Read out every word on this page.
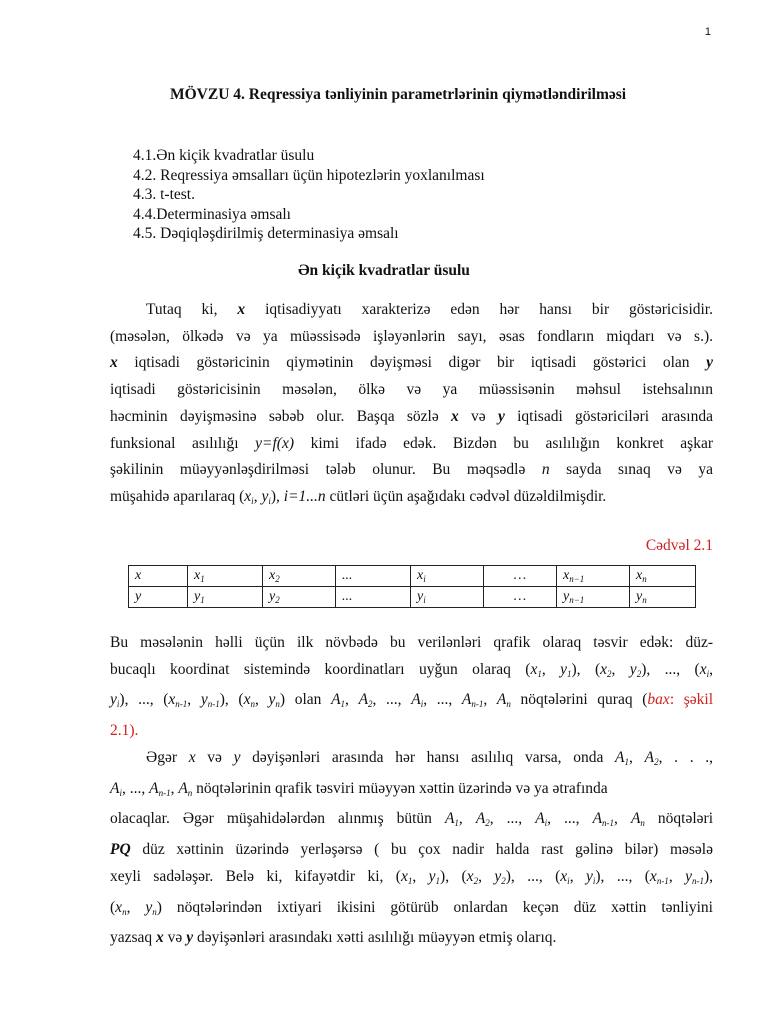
1
MÖVZU 4. Reqressiya tənliyinin parametrlərinin qiymətləndirilməsi
4.1.Ən kiçik kvadratlar üsulu
4.2. Reqressiya əmsalları üçün hipotezlərin yoxlanılması
4.3. t-test.
4.4.Determinasiya əmsalı
4.5. Dəqiqləşdirilmiş determinasiya əmsalı
Ən kiçik kvadratlar üsulu
Tutaq ki, x iqtisadiyyatı xarakterizə edən hər hansı bir göstəricisidir.
(məsələn, ölkədə və ya müəssisədə işləyənlərin sayı, əsas fondların miqdarı və s.).
x iqtisadi göstəricinin qiymətinin dəyişməsi digər bir iqtisadi göstərici olan y
iqtisadi göstəricisinin məsələn, ölkə və ya müəssisənin məhsul istehsalının
həcminin dəyişməsinə səbəb olur. Başqa sözlə x və y iqtisadi göstəriciləri arasında
funksional asılılığı y=f(x) kimi ifadə edək. Bizdən bu asılılığın konkret aşkar
şəkilinin müəyyənləşdirilməsi tələb olunur. Bu məqsədlə n sayda sınaq və ya
müşahidə aparılaraq ($x_i$, $y_i$), i=1...n cütləri üçün aşağıdakı cədvəl düzəldilmişdir.
Cədvəl 2.1
x	$x_1$	$x_2$	...	$x_i$	…	$x_{n-1}$	$x_n$
y	$y_1$	$y_2$	...	$y_i$	…	$y_{n-1}$	$y_n$
Bu məsələnin həlli üçün ilk növbədə bu verilənləri qrafik olaraq təsvir edək: düz-
bucaqlı koordinat sistemində koordinatları uyğun olaraq ($x_1$, $y_1$), ($x_2$, $y_2$), ..., ($x_i$,
$y_i$), ..., ($x_{n-1}$, $y_{n-1}$), ($x_n$, $y_n$) olan $A_1$, $A_2$, ..., $A_i$, ..., $A_{n-1}$, $A_n$ nöqtələrini quraq (bax: şəkil
2.1).
Əgər x və y dəyişənləri arasında hər hansı asılılıq varsa, onda $A_1$, $A_2$, . . .,
$A_i$, ..., $A_{n-1}$, $A_n$ nöqtələrinin qrafik təsviri müəyyən xəttin üzərində və ya ətrafında
olacaqlar. Əgər müşahidələrdən alınmış bütün $A_1$, $A_2$, ..., $A_i$, ..., $A_{n-1}$, $A_n$ nöqtələri
PQ düz xəttinin üzərində yerləşərsə ( bu çox nadir halda rast gəlinə bilər) məsələ
xeyli sadələşər. Belə ki, kifayətdir ki, ($x_1$, $y_1$), ($x_2$, $y_2$), ..., ($x_i$, $y_i$), ..., ($x_{n-1}$, $y_{n-1}$),
($x_n$, $y_n$) nöqtələrindən ixtiyari ikisini götürüb onlardan keçən düz xəttin tənliyini
yazsaq x və y dəyişənləri arasındakı xətti asılılığı müəyyən etmiş olarıq.
